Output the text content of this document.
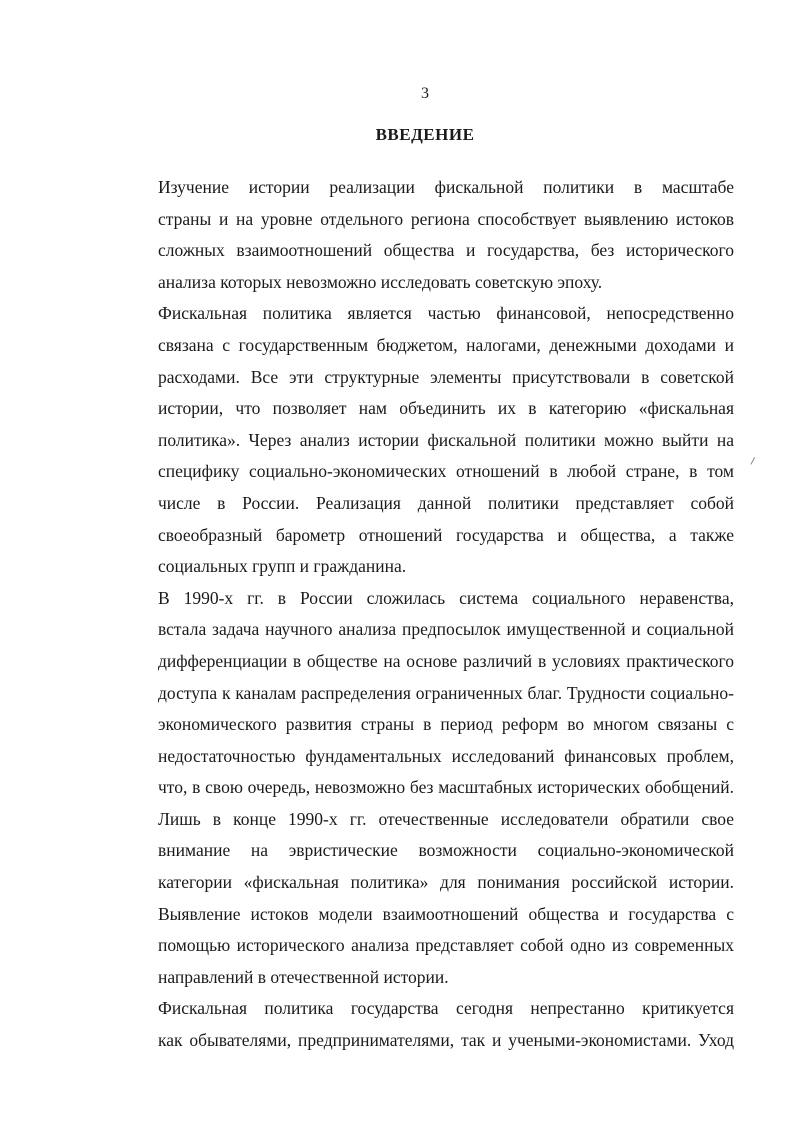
3
ВВЕДЕНИЕ
Изучение истории реализации фискальной политики в масштабе
страны и на уровне отдельного региона способствует выявлению истоков
сложных взаимоотношений общества и государства, без исторического
анализа которых невозможно исследовать советскую эпоху.
Фискальная политика является частью финансовой, непосредственно
связана с государственным бюджетом, налогами, денежными доходами и
расходами. Все эти структурные элементы присутствовали в советской
истории, что позволяет нам объединить их в категорию «фискальная
политика». Через анализ истории фискальной политики можно выйти на
специфику социально-экономических отношений в любой стране, в том
числе в России. Реализация данной политики представляет собой
своеобразный барометр отношений государства и общества, а также
социальных групп и гражданина.
В 1990-х гг. в России сложилась система социального неравенства,
встала задача научного анализа предпосылок имущественной и социальной
дифференциации в обществе на основе различий в условиях практического
доступа к каналам распределения ограниченных благ. Трудности социально-
экономического развития страны в период реформ во многом связаны с
недостаточностью фундаментальных исследований финансовых проблем,
что, в свою очередь, невозможно без масштабных исторических обобщений.
Лишь в конце 1990-х гг. отечественные исследователи обратили свое
внимание на эвристические возможности социально-экономической
категории «фискальная политика» для понимания российской истории.
Выявление истоков модели взаимоотношений общества и государства с
помощью исторического анализа представляет собой одно из современных
направлений в отечественной истории.
Фискальная политика государства сегодня непрестанно критикуется
как обывателями, предпринимателями, так и учеными-экономистами. Уход
